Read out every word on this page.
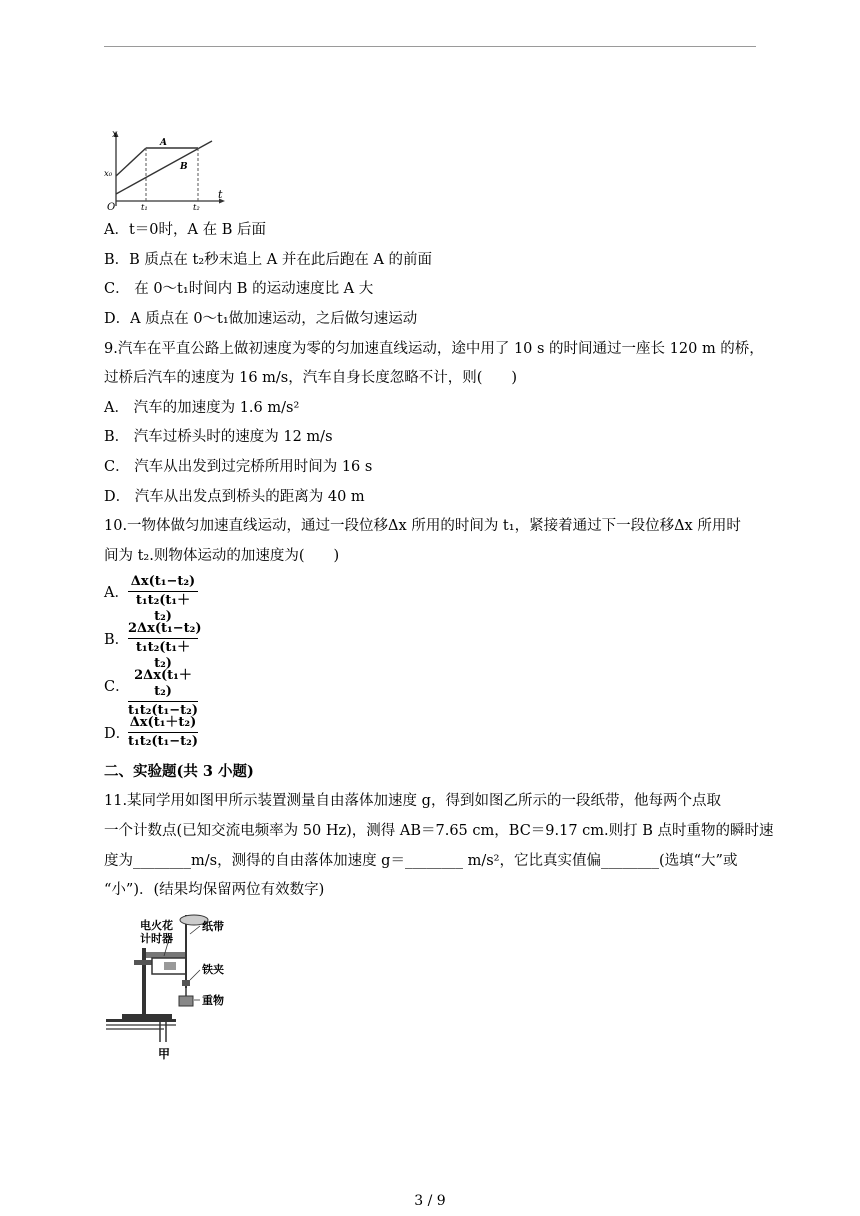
x
t
O
x₀
t₁	t₂
A
B
A．t＝0时，A 在 B 后面
B．B 质点在 t₂秒末追上 A 并在此后跑在 A 的前面
C． 在 0～t₁时间内 B 的运动速度比 A 大
D．A 质点在 0～t₁做加速运动，之后做匀速运动
9.汽车在平直公路上做初速度为零的匀加速直线运动，途中用了 10 s 的时间通过一座长 120 m 的桥，
过桥后汽车的速度为 16 m/s，汽车自身长度忽略不计，则(　　)
A． 汽车的加速度为 1.6 m/s²
B． 汽车过桥头时的速度为 12 m/s
C． 汽车从出发到过完桥所用时间为 16 s
D． 汽车从出发点到桥头的距离为 40 m
10.一物体做匀加速直线运动，通过一段位移Δx 所用的时间为 t₁，紧接着通过下一段位移Δx 所用时
间为 t₂.则物体运动的加速度为(　　)
A． $\frac{\text{Δx(t₁−t₂)}}{\text{t₁t₂(t₁＋t₂)}}$
B．
$\frac{\text{2Δx(t₁−t₂)}}{\text{t₁t₂(t₁＋t₂)}}$
C．
$\frac{\text{2Δx(t₁＋t₂)}}{\text{t₁t₂(t₁−t₂)}}$
D．
$\frac{\text{Δx(t₁＋t₂)}}{\text{t₁t₂(t₁−t₂)}}$
二、实验题(共 3 小题)
11.某同学用如图甲所示装置测量自由落体加速度 g，得到如图乙所示的一段纸带，他每两个点取
一个计数点(已知交流电频率为 50 Hz)，测得 AB＝7.65 cm，BC＝9.17 cm.则打 B 点时重物的瞬时速
度为________m/s，测得的自由落体加速度 g＝________ m/s²，它比真实值偏________(选填“大”或
“小”)．(结果均保留两位有效数字)
电火花
计时器
纸带
铁夹
重物
甲
3 / 9
